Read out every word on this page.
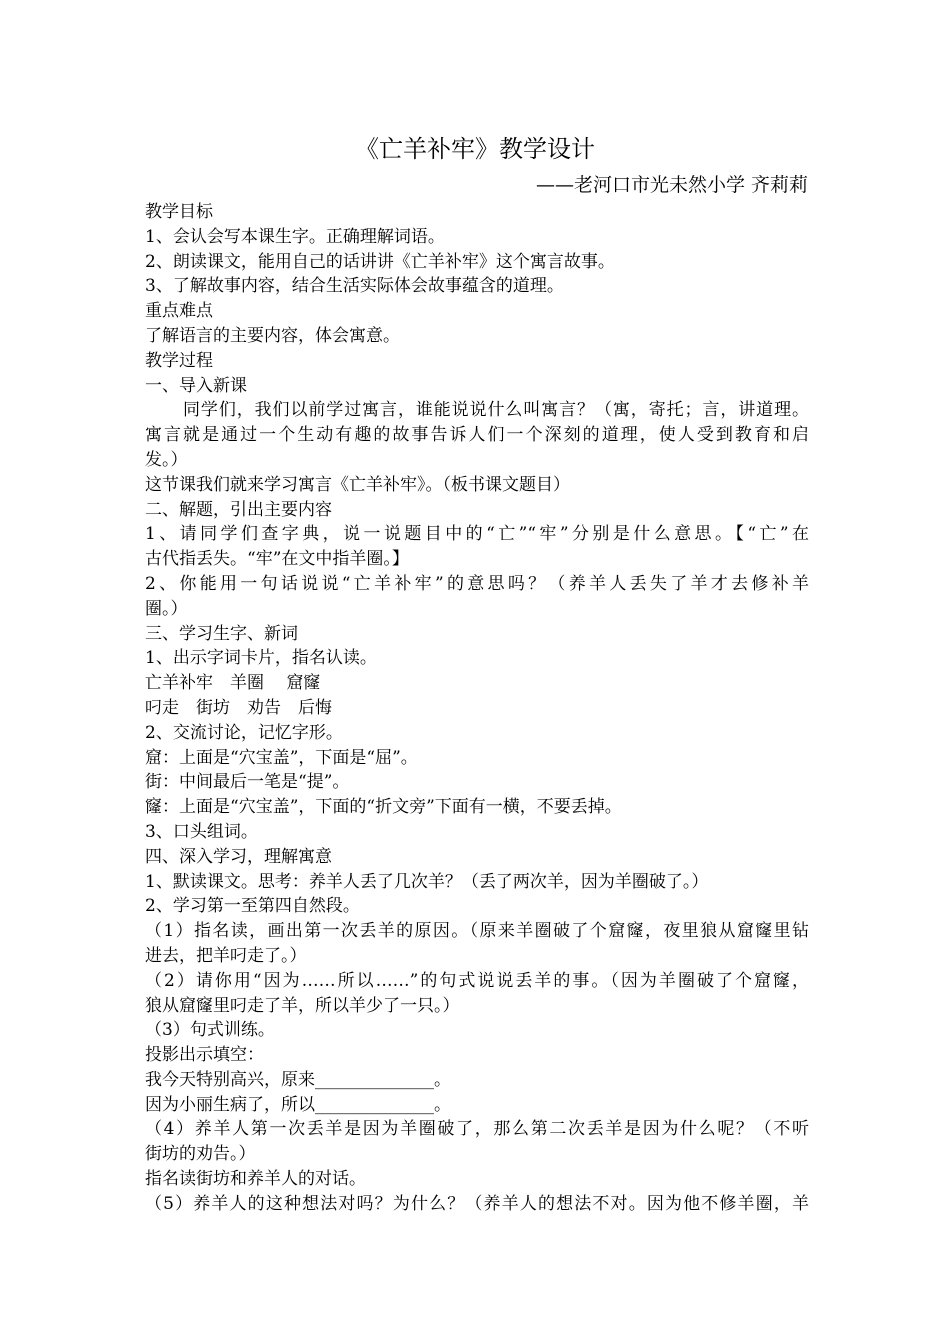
《亡羊补牢》教学设计
——老河口市光未然小学 齐莉莉
教学目标
1、会认会写本课生字。正确理解词语。
2、朗读课文，能用自己的话讲讲《亡羊补牢》这个寓言故事。
3、了解故事内容，结合生活实际体会故事蕴含的道理。
重点难点
了解语言的主要内容，体会寓意。
教学过程
一、导入新课
同学们，我们以前学过寓言，谁能说说什么叫寓言？（寓，寄托；言，讲道理。
寓言就是通过一个生动有趣的故事告诉人们一个深刻的道理，使人受到教育和启
发。）
这节课我们就来学习寓言《亡羊补牢》。（板书课文题目）
二、解题，引出主要内容
1、请同学们查字典，说一说题目中的“亡”“牢”分别是什么意思。【“亡”在
古代指丢失。“牢”在文中指羊圈。】
2、你能用一句话说说“亡羊补牢”的意思吗？（养羊人丢失了羊才去修补羊
圈。）
三、学习生字、新词
1、出示字词卡片，指名认读。
亡羊补牢　羊圈　 窟窿
叼走　街坊　劝告　后悔
2、交流讨论，记忆字形。
窟：上面是“穴宝盖”，下面是“屈”。
街：中间最后一笔是“提”。
窿：上面是“穴宝盖”，下面的“折文旁”下面有一横，不要丢掉。
3、口头组词。
四、深入学习，理解寓意
1、默读课文。思考：养羊人丢了几次羊？（丢了两次羊，因为羊圈破了。）
2、学习第一至第四自然段。
（1）指名读，画出第一次丢羊的原因。（原来羊圈破了个窟窿，夜里狼从窟窿里钻
进去，把羊叼走了。）
（2）请你用“因为……所以……”的句式说说丢羊的事。（因为羊圈破了个窟窿，
狼从窟窿里叼走了羊，所以羊少了一只。）
（3）句式训练。
投影出示填空：
我今天特别高兴，原来______________。
因为小丽生病了，所以______________。
（4）养羊人第一次丢羊是因为羊圈破了，那么第二次丢羊是因为什么呢？（不听
街坊的劝告。）
指名读街坊和养羊人的对话。
（5）养羊人的这种想法对吗？为什么？（养羊人的想法不对。因为他不修羊圈，羊
